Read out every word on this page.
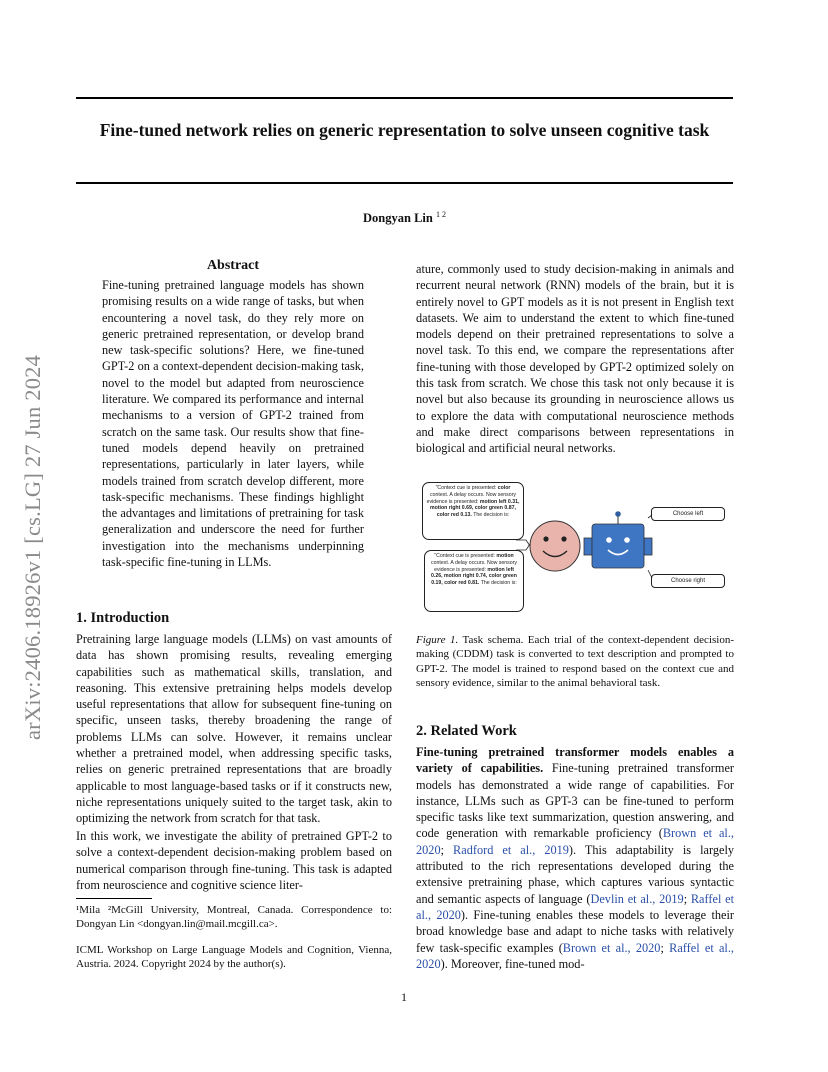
Fine-tuned network relies on generic representation to solve unseen cognitive task
Dongyan Lin $^{1 2}$
arXiv:2406.18926v1 [cs.LG] 27 Jun 2024
Abstract
Fine-tuning pretrained language models has shown promising results on a wide range of tasks, but when encountering a novel task, do they rely more on generic pretrained representation, or develop brand new task-specific solutions? Here, we fine-tuned GPT-2 on a context-dependent decision-making task, novel to the model but adapted from neuroscience literature. We compared its performance and internal mechanisms to a version of GPT-2 trained from scratch on the same task. Our results show that fine-tuned models depend heavily on pretrained representations, particularly in later layers, while models trained from scratch develop different, more task-specific mechanisms. These findings highlight the advantages and limitations of pretraining for task generalization and underscore the need for further investigation into the mechanisms underpinning task-specific fine-tuning in LLMs.
1. Introduction
Pretraining large language models (LLMs) on vast amounts of data has shown promising results, revealing emerging capabilities such as mathematical skills, translation, and reasoning. This extensive pretraining helps models develop useful representations that allow for subsequent fine-tuning on specific, unseen tasks, thereby broadening the range of problems LLMs can solve. However, it remains unclear whether a pretrained model, when addressing specific tasks, relies on generic pretrained representations that are broadly applicable to most language-based tasks or if it constructs new, niche representations uniquely suited to the target task, akin to optimizing the network from scratch for that task.
In this work, we investigate the ability of pretrained GPT-2 to solve a context-dependent decision-making problem based on numerical comparison through fine-tuning. This task is adapted from neuroscience and cognitive science liter-
¹Mila ²McGill University, Montreal, Canada. Correspondence to: Dongyan Lin <dongyan.lin@mail.mcgill.ca>.
ICML Workshop on Large Language Models and Cognition, Vienna, Austria. 2024. Copyright 2024 by the author(s).
ature, commonly used to study decision-making in animals and recurrent neural network (RNN) models of the brain, but it is entirely novel to GPT models as it is not present in English text datasets. We aim to understand the extent to which fine-tuned models depend on their pretrained representations to solve a novel task. To this end, we compare the representations after fine-tuning with those developed by GPT-2 optimized solely on this task from scratch. We chose this task not only because it is novel but also because its grounding in neuroscience allows us to explore the data with computational neuroscience methods and make direct comparisons between representations in biological and artificial neural networks.
"Context cue is presented: color context. A delay occurs. Now sensory evidence is presented: motion left 0.31, motion right 0.69, color green 0.87, color red 0.13. The decision is:
"Context cue is presented: motion context. A delay occurs. Now sensory evidence is presented: motion left 0.26, motion right 0.74, color green 0.19, color red 0.81. The decision is:
Choose left
Choose right
Figure 1. Task schema. Each trial of the context-dependent decision-making (CDDM) task is converted to text description and prompted to GPT-2. The model is trained to respond based on the context cue and sensory evidence, similar to the animal behavioral task.
2. Related Work
Fine-tuning pretrained transformer models enables a variety of capabilities. Fine-tuning pretrained transformer models has demonstrated a wide range of capabilities. For instance, LLMs such as GPT-3 can be fine-tuned to perform specific tasks like text summarization, question answering, and code generation with remarkable proficiency (Brown et al., 2020; Radford et al., 2019). This adaptability is largely attributed to the rich representations developed during the extensive pretraining phase, which captures various syntactic and semantic aspects of language (Devlin et al., 2019; Raffel et al., 2020). Fine-tuning enables these models to leverage their broad knowledge base and adapt to niche tasks with relatively few task-specific examples (Brown et al., 2020; Raffel et al., 2020). Moreover, fine-tuned mod-
1
